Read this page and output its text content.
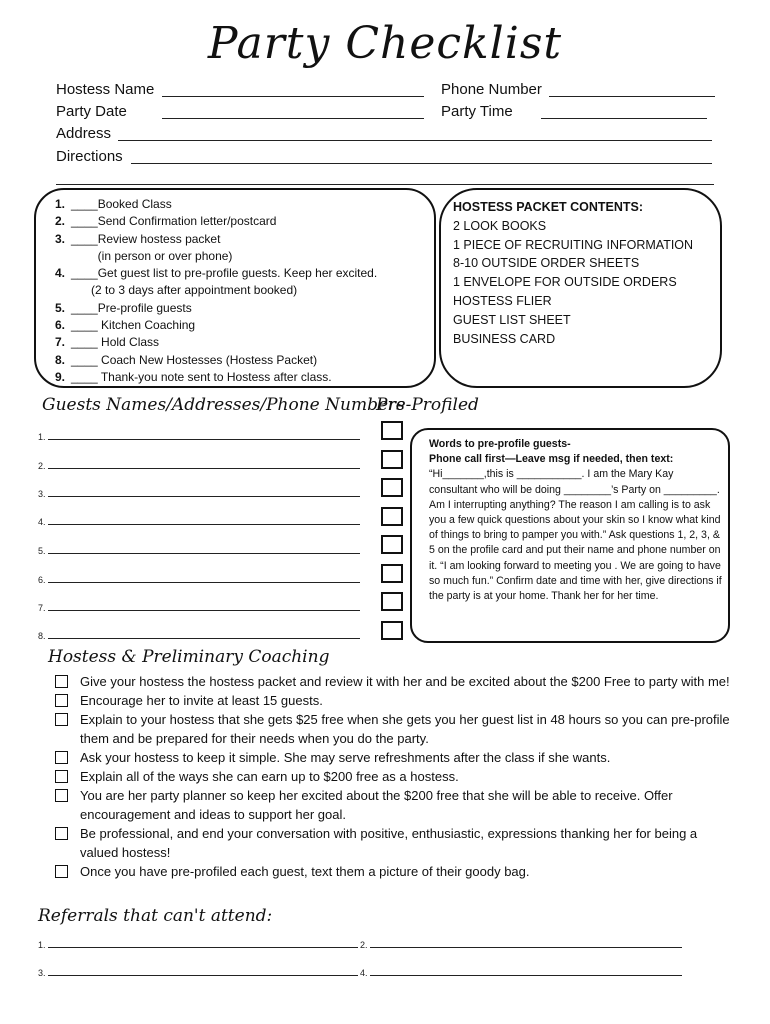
Party Checklist
Hostess Name	Phone Number
Party Date	Party Time
Address
Directions
1. ____Booked Class
2. ____Send Confirmation letter/postcard
3. ____Review hostess packet
(in person or over phone)
4. ____Get guest list to pre-profile guests. Keep her excited.
(2 to 3 days after appointment booked)
5. ____Pre-profile guests
6. ____ Kitchen Coaching
7. ____ Hold Class
8. ____ Coach New Hostesses (Hostess Packet)
9. ____ Thank-you note sent to Hostess after class.
HOSTESS PACKET CONTENTS:
2 LOOK BOOKS
1 PIECE OF RECRUITING INFORMATION
8-10 OUTSIDE ORDER SHEETS
1 ENVELOPE FOR OUTSIDE ORDERS
HOSTESS FLIER
GUEST LIST SHEET
BUSINESS CARD
Guests Names/Addresses/Phone Numbers
Pre-Profiled
1.
2.
3.
4.
5.
6.
7.
8.
Words to pre-profile guests-
Phone call first—Leave msg if needed, then text:
“Hi_______,this is ___________. I am the Mary Kay consultant who will be doing ________’s Party on _________. Am I interrupting anything? The reason I am calling is to ask you a few quick questions about your skin so I know what kind of things to bring to pamper you with.” Ask questions 1, 2, 3, & 5 on the profile card and put their name and phone number on it. “I am looking forward to meeting you . We are going to have so much fun.” Confirm date and time with her, give directions if the party is at your home. Thank her for her time.
Hostess & Preliminary Coaching
Give your hostess the hostess packet and review it with her and be excited about the $200 Free to party with me!
Encourage her to invite at least 15 guests.
Explain to your hostess that she gets $25 free when she gets you her guest list in 48 hours so you can pre-profile them and be prepared for their needs when you do the party.
Ask your hostess to keep it simple. She may serve refreshments after the class if she wants.
Explain all of the ways she can earn up to $200 free as a hostess.
You are her party planner so keep her excited about the $200 free that she will be able to receive. Offer encouragement and ideas to support her goal.
Be professional, and end your conversation with positive, enthusiastic, expressions thanking her for being a valued hostess!
Once you have pre-profiled each guest, text them a picture of their goody bag.
Referrals that can't attend:
1.	2.
3.	4.
